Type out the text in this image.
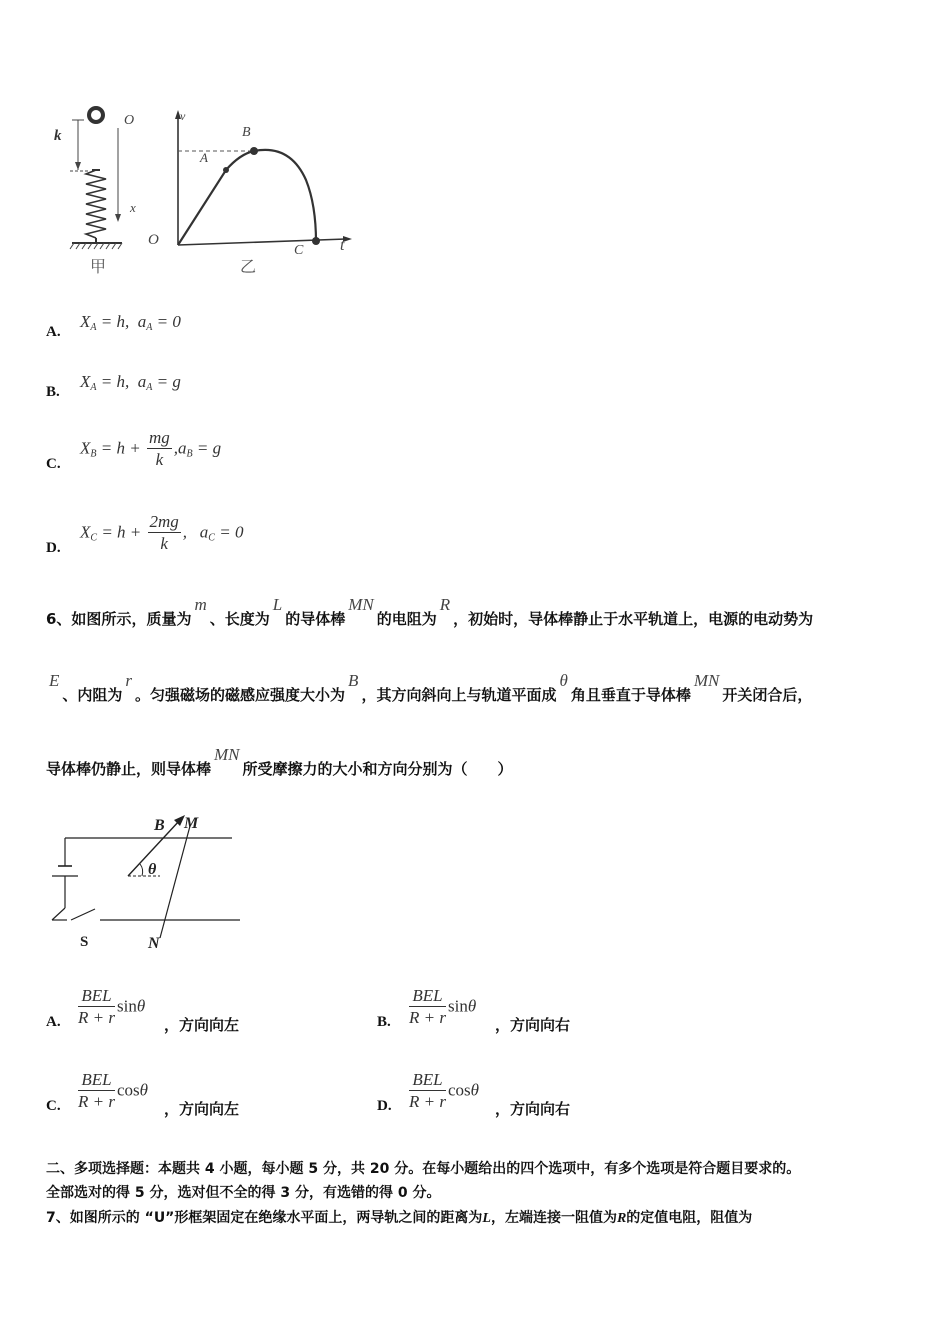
k
甲
O
x
v
t
O
A
B
C
乙
A.
$X_A = h$, $a_A = 0$
B.
$X_A = h$, $a_A = g$
C.
$X_B = h + \frac{mg}{k} ,a_B = g$
D.
$X_C = h + \frac{2mg}{k}$ , $a_C = 0$
6、如图所示，质量为m、长度为L的导体棒MN的电阻为R，初始时，导体棒静止于水平轨道上，电源的电动势为
E、内阻为r。匀强磁场的磁感应强度大小为B，其方向斜向上与轨道平面成θ角且垂直于导体棒MN开关闭合后，
导体棒仍静止，则导体棒MN所受摩擦力的大小和方向分别为（　　）
B M
θ
S	N
A. $\frac{\text{BEL}}{R + r}$ sinθ
，方向向左	B. $\frac{\text{BEL}}{R + r}$ sinθ
，方向向右
C. $\frac{\text{BEL}}{R + r}$ cosθ
，方向向左	D. $\frac{\text{BEL}}{R + r}$ cosθ
，方向向右
二、多项选择题：本题共 4 小题，每小题 5 分，共 20 分。在每小题给出的四个选项中，有多个选项是符合题目要求的。
全部选对的得 5 分，选对但不全的得 3 分，有选错的得 0 分。
7、如图所示的 “U”形框架固定在绝缘水平面上，两导轨之间的距离为L，左端连接一阻值为R的定值电阻，阻值为
